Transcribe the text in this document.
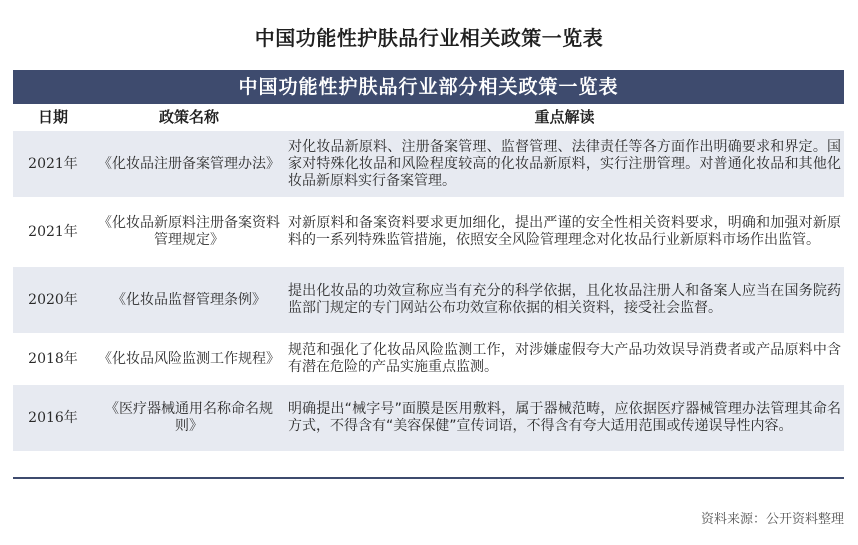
中国功能性护肤品行业相关政策一览表
中国功能性护肤品行业部分相关政策一览表
日期	政策名称	重点解读
2021年	《化妆品注册备案管理办法》	对化妆品新原料、注册备案管理、监督管理、法律责任等各方面作出明确要求和界定。国家对特殊化妆品和风险程度较高的化妆品新原料，实行注册管理。对普通化妆品和其他化妆品新原料实行备案管理。
2021年	《化妆品新原料注册备案资料管理规定》	对新原料和备案资料要求更加细化，提出严谨的安全性相关资料要求，明确和加强对新原料的一系列特殊监管措施，依照安全风险管理理念对化妆品行业新原料市场作出监管。
2020年	《化妆品监督管理条例》	提出化妆品的功效宣称应当有充分的科学依据，且化妆品注册人和备案人应当在国务院药监部门规定的专门网站公布功效宣称依据的相关资料，接受社会监督。
2018年	《化妆品风险监测工作规程》	规范和强化了化妆品风险监测工作，对涉嫌虚假夸大产品功效误导消费者或产品原料中含有潜在危险的产品实施重点监测。
2016年	《医疗器械通用名称命名规则》	明确提出“械字号”面膜是医用敷料，属于器械范畴，应依据医疗器械管理办法管理其命名方式，不得含有“美容保健”宣传词语，不得含有夸大适用范围或传递误导性内容。
资料来源：公开资料整理
